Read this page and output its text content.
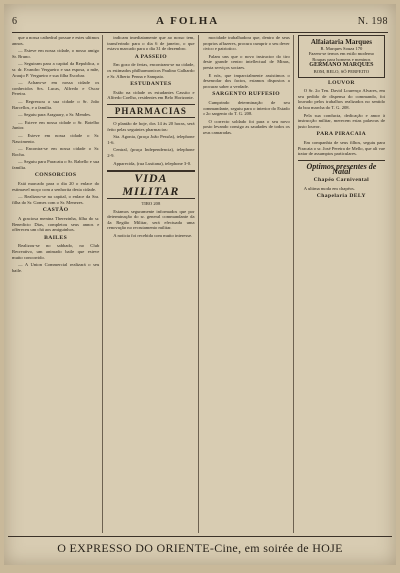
6	A FOLHA	N. 198

que a nossa cathedral possue e estes ultimos annos.

— Esteve em nossa cidade, o nosso amigo Sr. Bruno.

— Seguiram para a capital da Republica, o sr. dr. Evandro Vergueiro e sua esposa, a mãe, Araujo P. Vergueiro e sua filha Escobar.

— Acham-se em nossa cidade os conhecidos Srs. Lucas, Alfredo e Oscar Pereira.

— Regressou a sua cidade o Sr. João Barcellos, e a familia.

— Seguiu para Araguary, o Sr. Mendes.

— Esteve em nossa cidade o Sr. Botelho Junior.

— Esteve em nossa cidade o Sr. Nascimento.

— Encontra-se em nossa cidade o Sr. Rocha.

— Seguiu para Paracatu o Sr. Rabello e sua familia.

CONSORCIOS

Está marcado para o dia 20 o enlace do estimavel moço com a senhorita desta cidade.

— Realizou-se na capital, o enlace da Sra. filha do Sr. Gomes com o Sr. Menezes.

CASTÃO

A graciosa menina Therezinha, filha do sr. Benedicto Dias, completou seus annos e offereceu um chá aos amiguinhos.

BAILES

Realizou-se no sabbado, no Club Recreativo, um animado baile que esteve muito concorrido.

— A Union Commercial realizará o seu baile.

indicam imediatamente que ao nosso tem, transferindo para o dia 6 de janeiro, o que estava marcado para o dia 31 de dezembro.

A PASSEIO

Em gozo de ferias, encontram-se na cidade, os estimados philharmonicos Paulino Galhardo e Sr. Alberto Penna e Sampaio.

ESTUDANTES

Estão na cidade os estudantes Cassito e Alfredo Coelho, residentes em Belo Horizonte.

PHARMACIAS

O plantão de hoje, dos 14 às 20 horas, será feito pelas seguintes pharmacias:

Sta. Agonia, (praça João Pessôa), telephone 1-6.

Central, (praça Independencia), telephone 2-9.

Apparecida, (rua Lusitana), telephone 3-0.

VIDA MILITAR
TIRO 208

Estamos seguramente informados que por determinação do sr. general commandante da 4a Região Militar, será efectuada uma renovação no recrutamento militar.

A noticia foi recebida com muito interesse.

mocidade trabalhadora que, dentro de seus proprios affazeres, procura cumprir o seu dever civico e patriotico.

Falam uns que o novo instructor do tiro deste grande centro intellectual de Minas, presta serviços sociaes.

E nós, que imparcialmente assistimos o desenrolar dos factos, estamos dispostos a procurar saber a verdade.

SARGENTO RUFFESIO

Cumprindo determinação de seu commandante, seguiu para o interior do Estado o 2o sargento do T. G. 208.

O correcto soldado foi para o seu novo posto levando consigo as saudades de todos os seus camaradas.

Alfaiataria Marques
R. Marques Souza 170
Fazem-se ternos em estilo moderno
Roupas para homens e meninos
GERMANO MARQUES
BOM, BELO, SÓ PERFEITO
LOUVOR

O Sr. 2o Ten. David Lourenço Alvares, em seu pedido de dispensa do commando, foi louvado pelos trabalhos realizados no sentido da boa marcha do T. G. 208.

Pela sua conducta, dedicação e amor à instrucção militar, merecem estas palavras de justo louvor.

PARA PIRACAIA

Em companhia de seus filhos, seguiu para Piracaia o sr. José Pereira de Mello, que ali vae tratar de assumptos particulares.

Optimos presentes de Natal
Chapéo Carnivental

A ultima moda em chapéos.

Chapelaria DELY
O EXPRESSO DO ORIENTE-Cine, em soirée de HOJE
